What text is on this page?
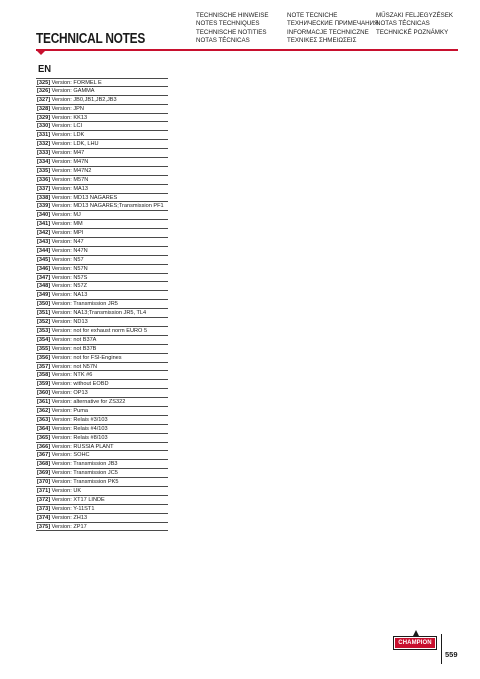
TECHNICAL NOTES
TECHNISCHE HINWEISE
NOTES TECHNIQUES
TECHNISCHE NOTITIES
NOTAS TÉCNICAS
NOTE TECNICHE
ТЕХНИЧЕСКИЕ ПРИМЕЧАНИЯ
INFORMACJE TECHNICZNE
ΤΕΧΝΙΚΕΣ ΣΗΜΕΙΩΣΕΙΣ
MŰSZAKI FELJEGYZÉSEK
NOTAS TÉCNICAS
TECHNICKÉ POZNÁMKY
EN
[325] Version: FORMEL E
[326] Version: GAMMA
[327] Version: JB0,JB1,JB2,JB3
[328] Version: JPN
[329] Version: KK13
[330] Version: LCI
[331] Version: LDK
[332] Version: LDK, LHU
[333] Version: M47
[334] Version: M47N
[335] Version: M47N2
[336] Version: M57N
[337] Version: MA13
[338] Version: MD13 NAGARES
[339] Version: MD13 NAGARES;Transmission PF1
[340] Version: MJ
[341] Version: MM
[342] Version: MPI
[343] Version: N47
[344] Version: N47N
[345] Version: N57
[346] Version: N57N
[347] Version: N57S
[348] Version: N57Z
[349] Version: NA13
[350] Version: Transmission JR5
[351] Version: NA13;Transmission JR5, TL4
[352] Version: ND13
[353] Version: not for exhaust norm EURO 5
[354] Version: not B37A
[355] Version: not B37B
[356] Version: not for FSI-Engines
[357] Version: not N57N
[358] Version: NTK #6
[359] Version: without EOBD
[360] Version: OP13
[361] Version: alternative for ZS322
[362] Version: Puma
[363] Version: Relais #3/103
[364] Version: Relais #4/103
[365] Version: Relais #8/103
[366] Version: RUSSIA PLANT
[367] Version: SOHC
[368] Version: Transmission JB3
[369] Version: Transmission JC5
[370] Version: Transmission PK5
[371] Version: UK
[372] Version: XT17 LINDE
[373] Version: Y-11ST1
[374] Version: ZH13
[375] Version: ZP17
CHAMPION
559
